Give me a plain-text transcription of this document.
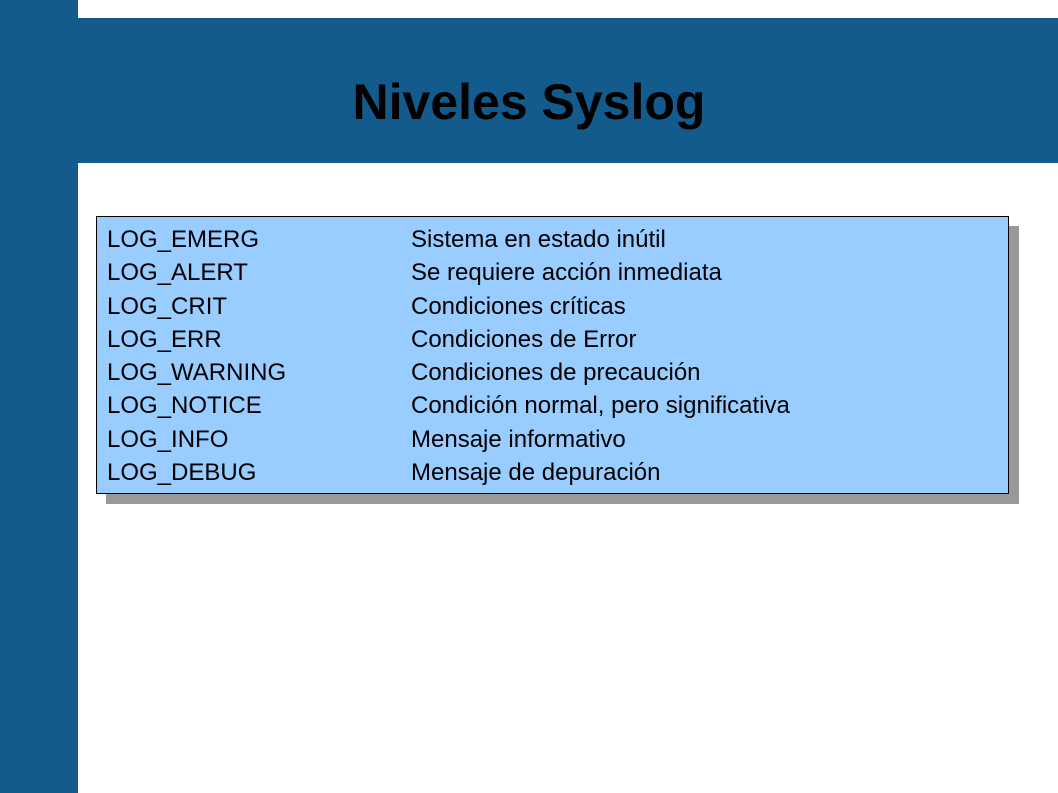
Niveles Syslog
LOG_EMERG	Sistema en estado inútil
LOG_ALERT	Se requiere acción inmediata
LOG_CRIT	Condiciones críticas
LOG_ERR	Condiciones de Error
LOG_WARNING	Condiciones de precaución
LOG_NOTICE	Condición normal, pero significativa
LOG_INFO	Mensaje informativo
LOG_DEBUG	Mensaje de depuración
